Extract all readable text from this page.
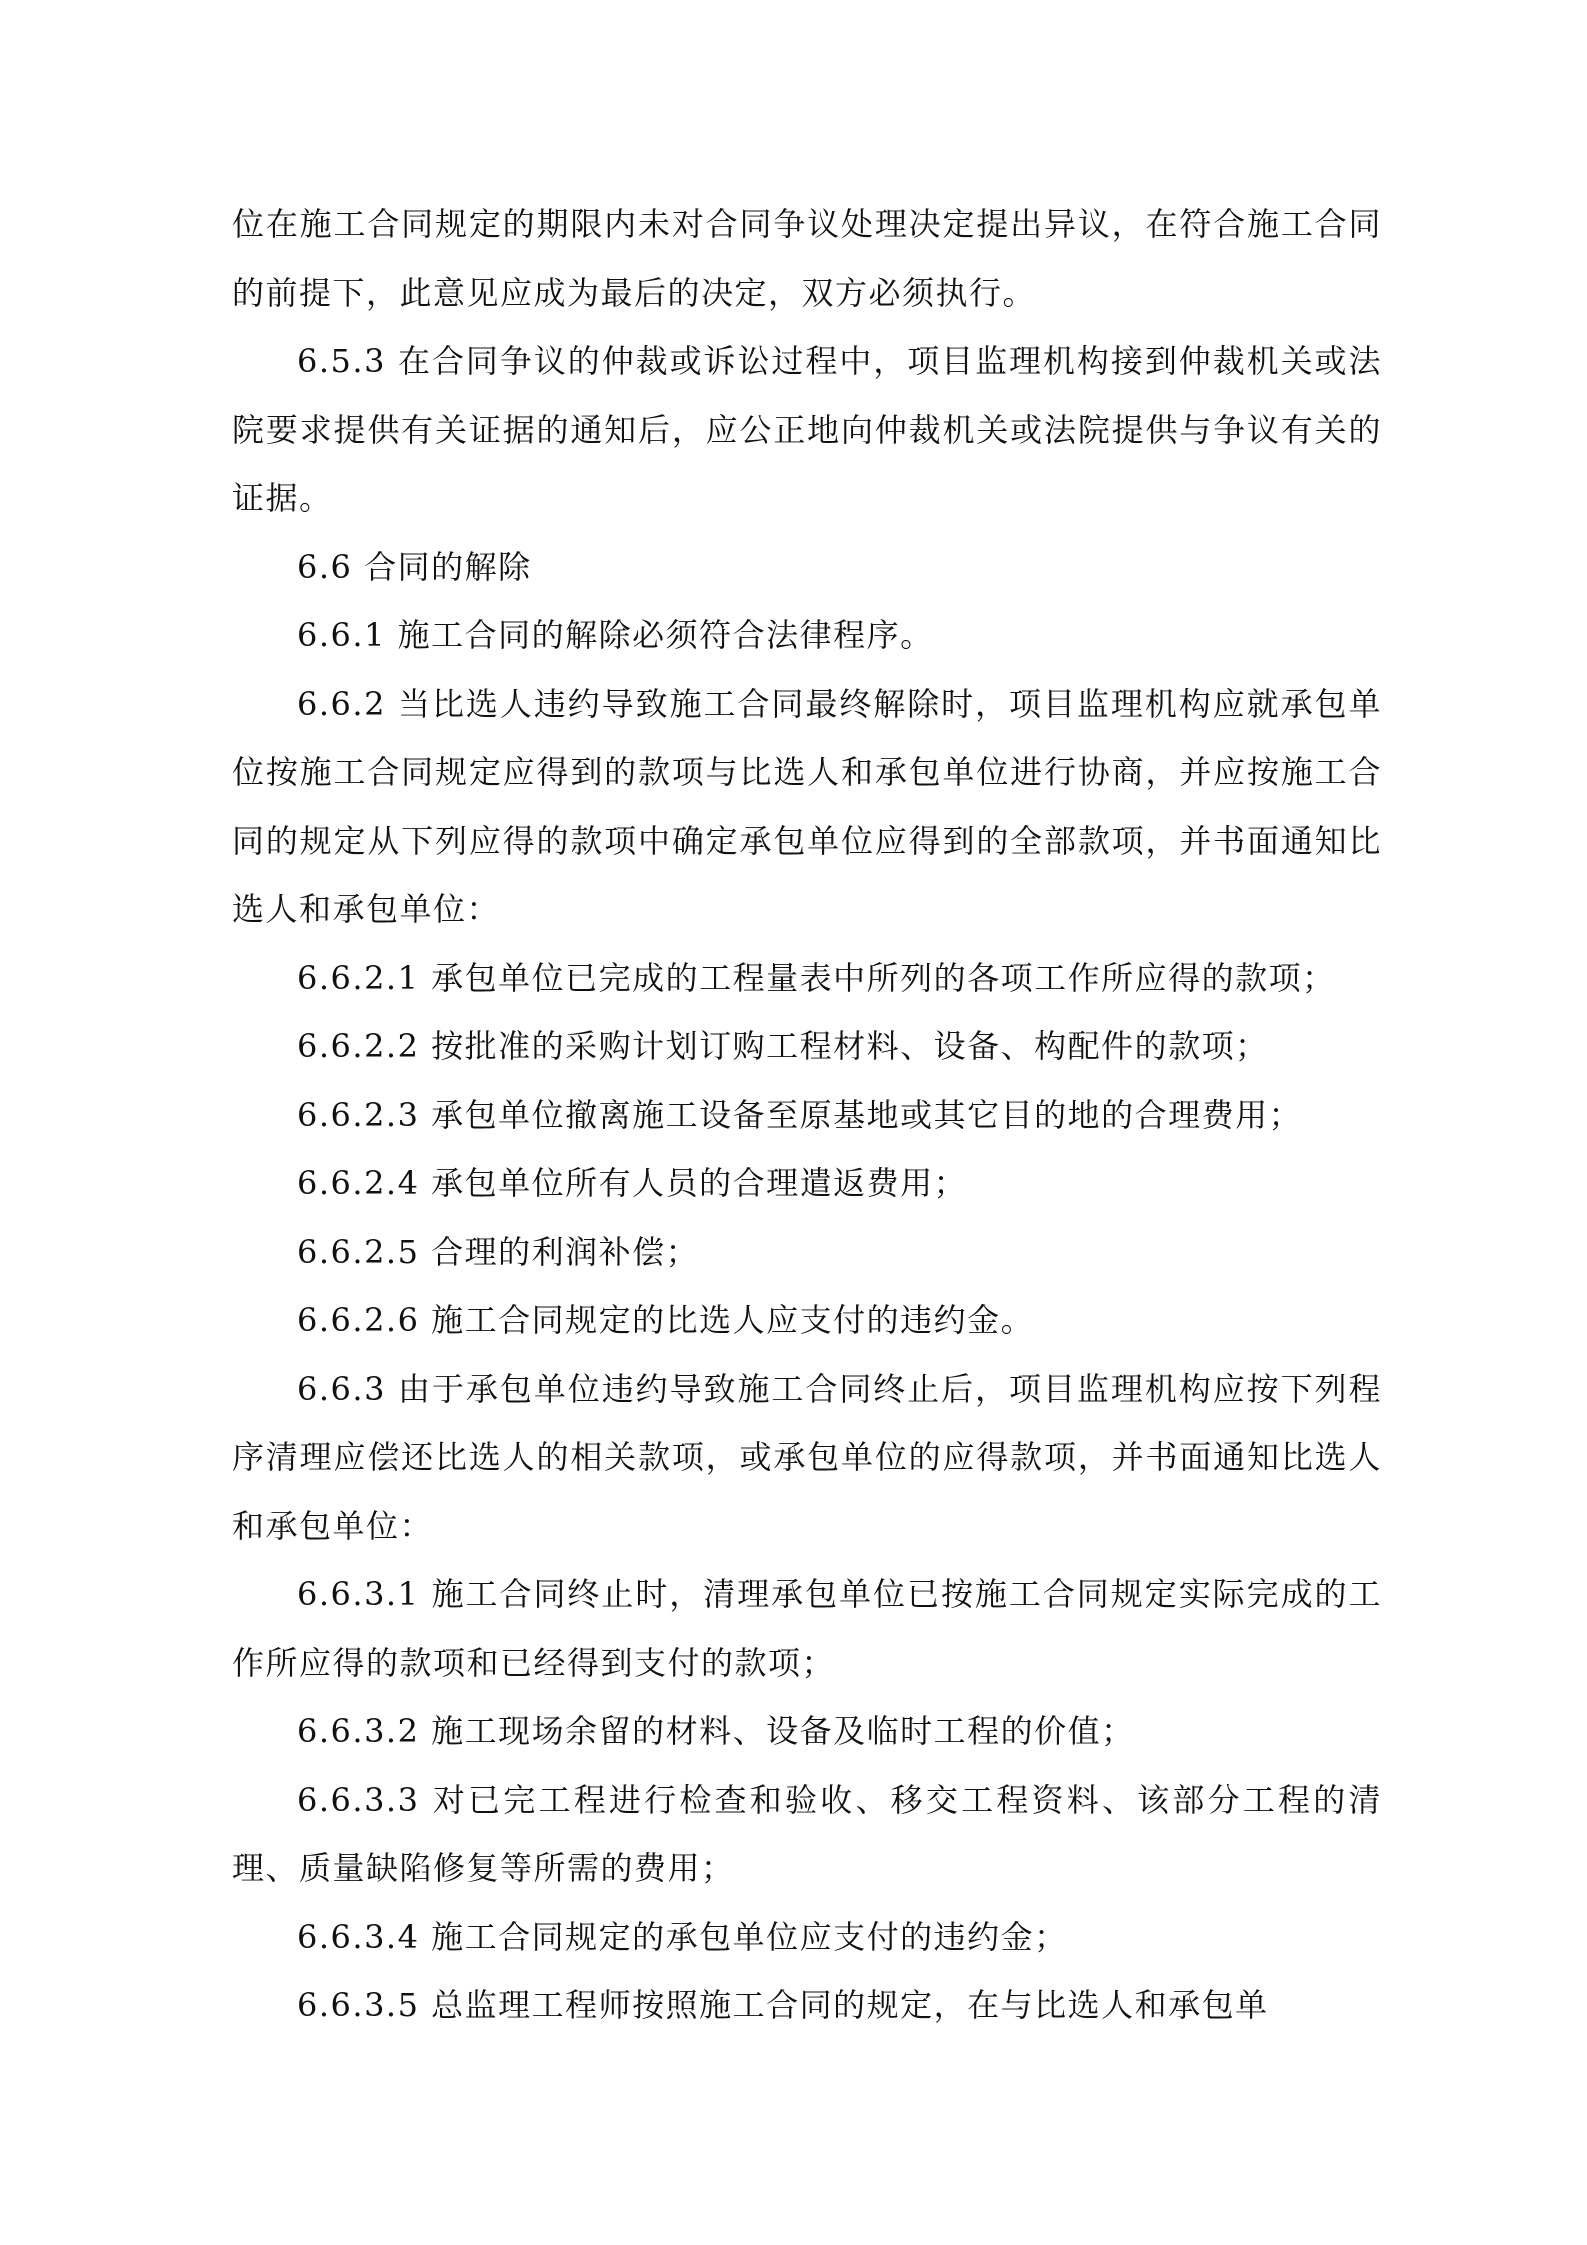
位在施工合同规定的期限内未对合同争议处理决定提出异议，在符合施工合同的前提下，此意见应成为最后的决定，双方必须执行。

6.5.3 在合同争议的仲裁或诉讼过程中，项目监理机构接到仲裁机关或法院要求提供有关证据的通知后，应公正地向仲裁机关或法院提供与争议有关的证据。

6.6 合同的解除

6.6.1 施工合同的解除必须符合法律程序。

6.6.2 当比选人违约导致施工合同最终解除时，项目监理机构应就承包单位按施工合同规定应得到的款项与比选人和承包单位进行协商，并应按施工合同的规定从下列应得的款项中确定承包单位应得到的全部款项，并书面通知比选人和承包单位：

6.6.2.1 承包单位已完成的工程量表中所列的各项工作所应得的款项；

6.6.2.2 按批准的采购计划订购工程材料、设备、构配件的款项；

6.6.2.3 承包单位撤离施工设备至原基地或其它目的地的合理费用；

6.6.2.4 承包单位所有人员的合理遣返费用；

6.6.2.5 合理的利润补偿；

6.6.2.6 施工合同规定的比选人应支付的违约金。

6.6.3 由于承包单位违约导致施工合同终止后，项目监理机构应按下列程序清理应偿还比选人的相关款项，或承包单位的应得款项，并书面通知比选人和承包单位：

6.6.3.1 施工合同终止时，清理承包单位已按施工合同规定实际完成的工作所应得的款项和已经得到支付的款项；

6.6.3.2 施工现场余留的材料、设备及临时工程的价值；

6.6.3.3 对已完工程进行检查和验收、移交工程资料、该部分工程的清理、质量缺陷修复等所需的费用；

6.6.3.4 施工合同规定的承包单位应支付的违约金；

6.6.3.5 总监理工程师按照施工合同的规定，在与比选人和承包单
